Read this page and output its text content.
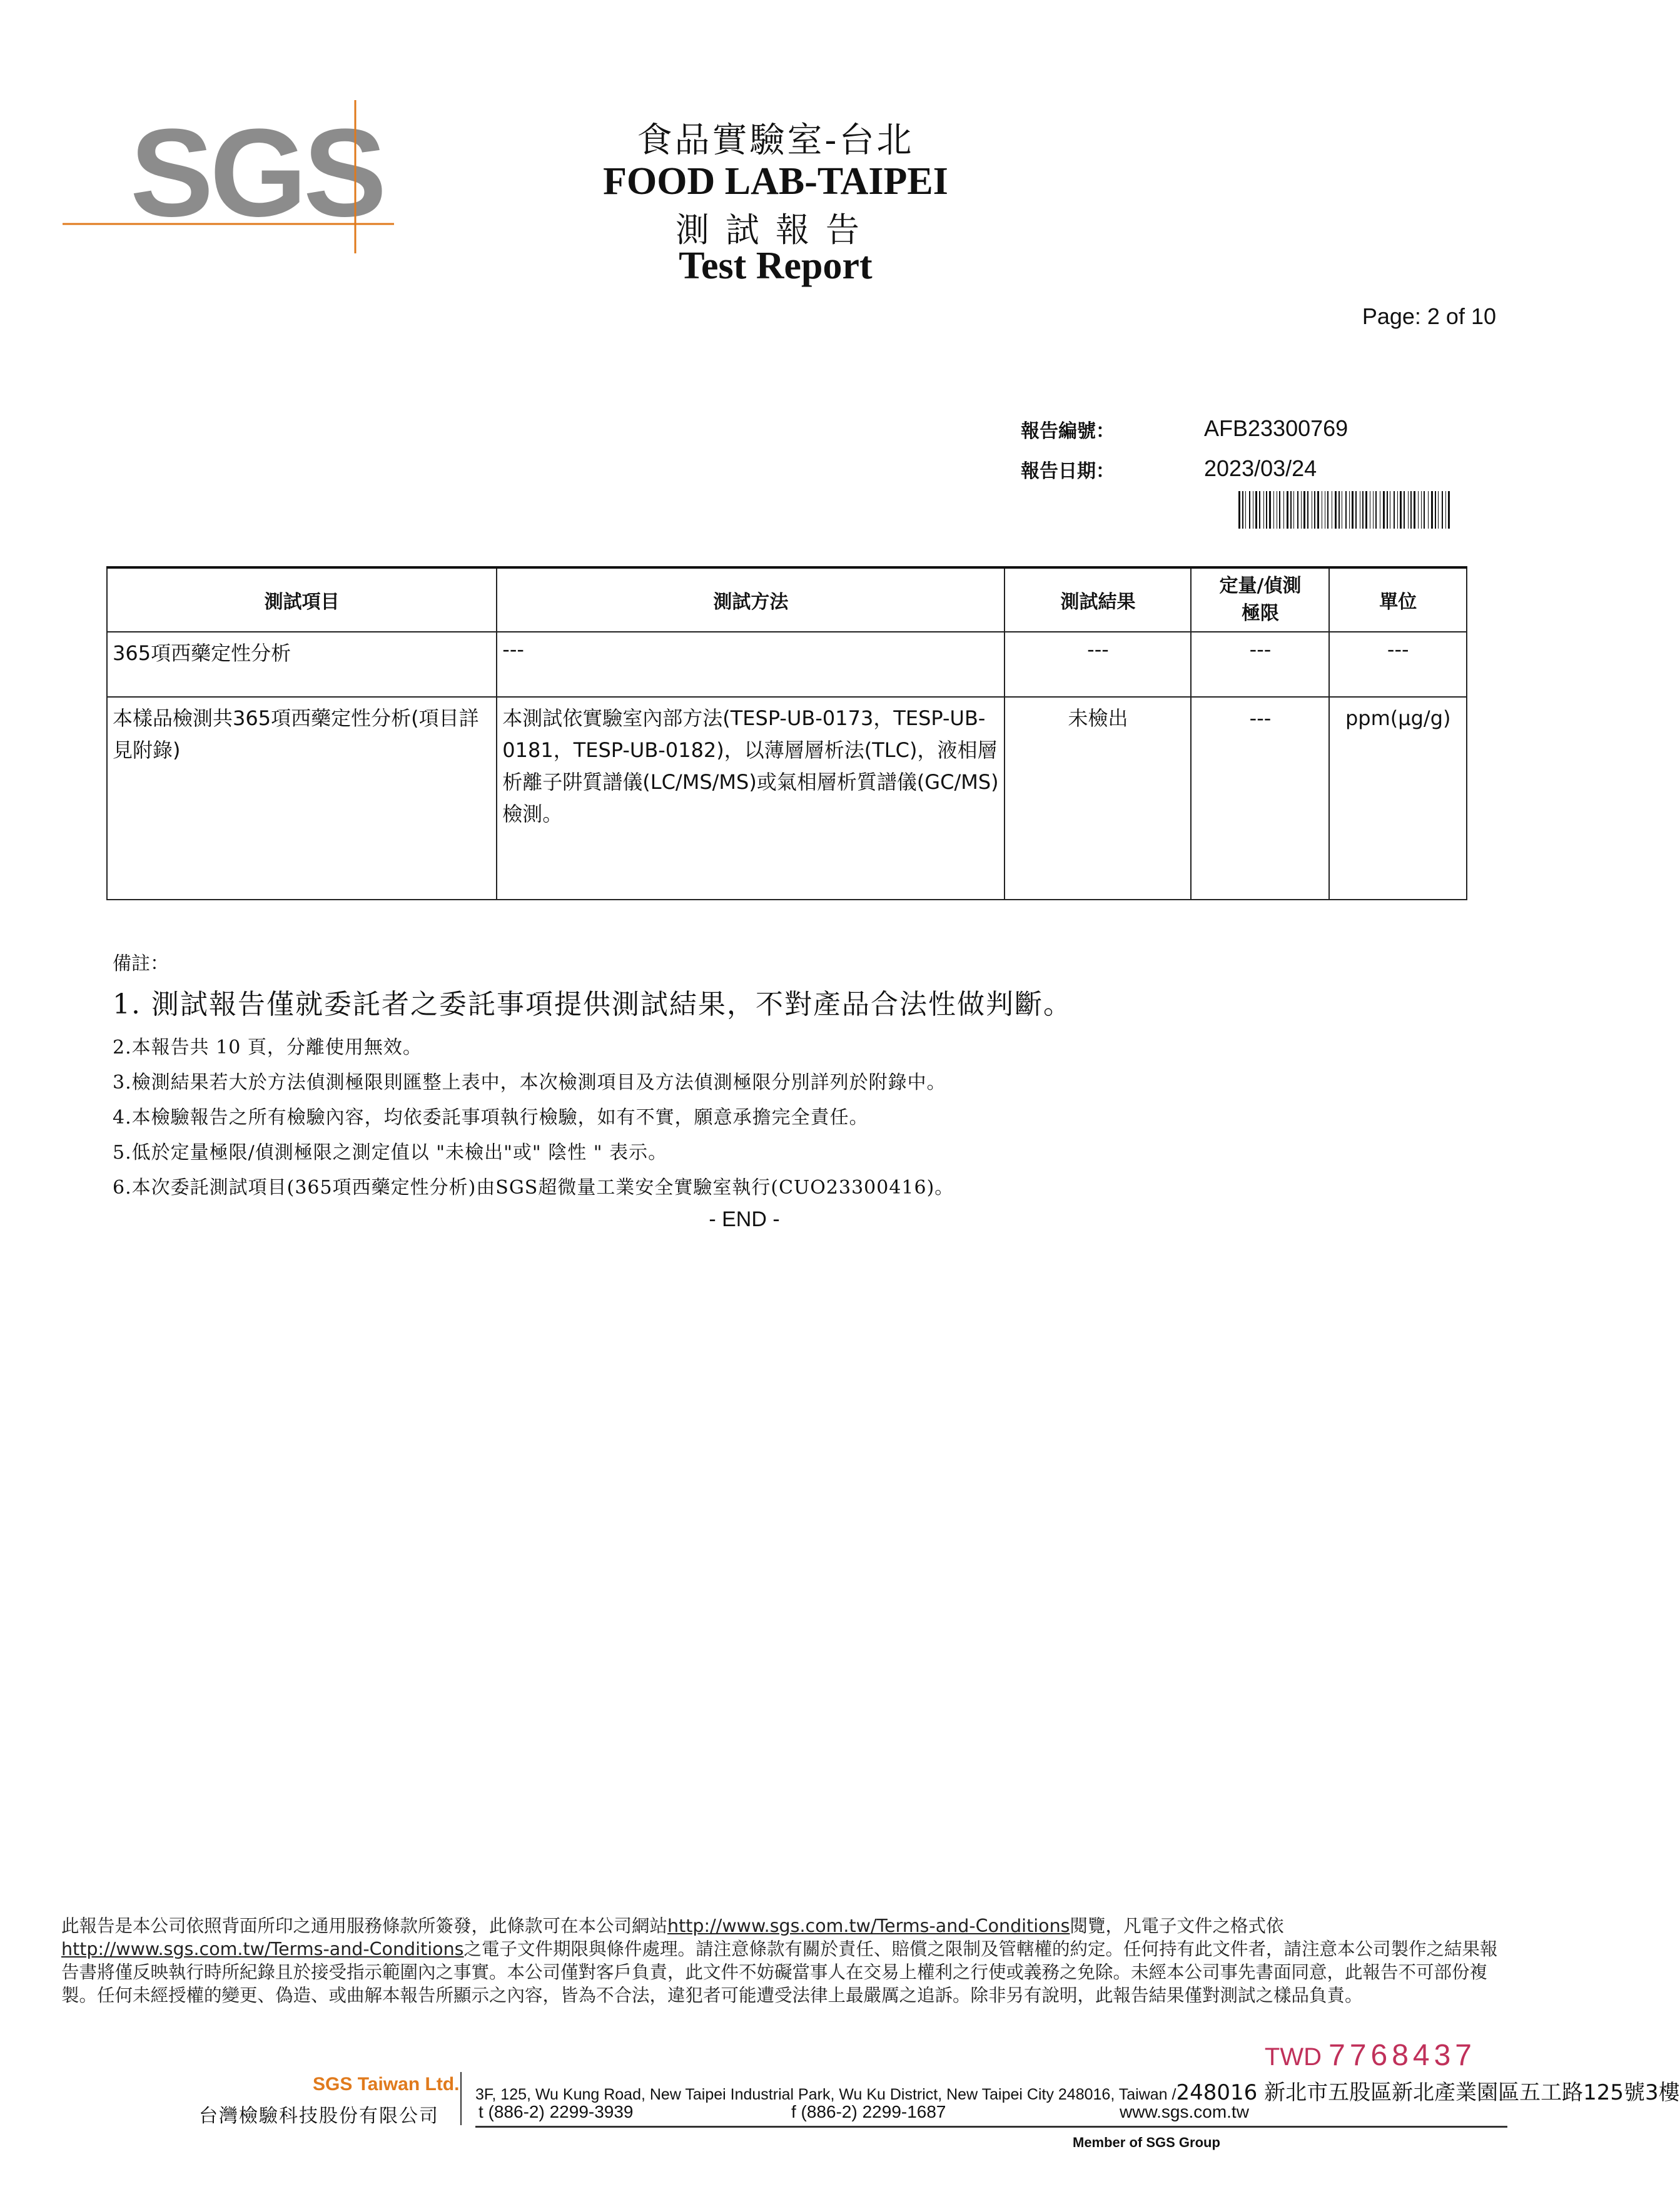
SGS	食品實驗室-台北
FOOD LAB-TAIPEI
測試報告
Test Report
Page: 2 of 10
報告編號：	AFB23300769
報告日期：	2023/03/24
測試項目	測試方法	測試結果	定量/偵測極限	單位
365項西藥定性分析	---	---	---	---
本樣品檢測共365項西藥定性分析(項目詳見附錄)	本測試依實驗室內部方法(TESP-UB-0173，TESP-UB-0181，TESP-UB-0182)，以薄層層析法(TLC)，液相層析離子阱質譜儀(LC/MS/MS)或氣相層析質譜儀(GC/MS)檢測。	未檢出	---	ppm(μg/g)
備註：
1. 測試報告僅就委託者之委託事項提供測試結果，不對產品合法性做判斷。
2.本報告共 10 頁，分離使用無效。
3.檢測結果若大於方法偵測極限則匯整上表中，本次檢測項目及方法偵測極限分別詳列於附錄中。
4.本檢驗報告之所有檢驗內容，均依委託事項執行檢驗，如有不實，願意承擔完全責任。
5.低於定量極限/偵測極限之測定值以 "未檢出"或" 陰性 " 表示。
6.本次委託測試項目(365項西藥定性分析)由SGS超微量工業安全實驗室執行(CUO23300416)。
- END -
此報告是本公司依照背面所印之通用服務條款所簽發，此條款可在本公司網站http://www.sgs.com.tw/Terms-and-Conditions閱覽，凡電子文件之格式依http://www.sgs.com.tw/Terms-and-Conditions之電子文件期限與條件處理。請注意條款有關於責任、賠償之限制及管轄權的約定。任何持有此文件者，請注意本公司製作之結果報告書將僅反映執行時所紀錄且於接受指示範圍內之事實。本公司僅對客戶負責，此文件不妨礙當事人在交易上權利之行使或義務之免除。未經本公司事先書面同意，此報告不可部份複製。任何未經授權的變更、偽造、或曲解本報告所顯示之內容，皆為不合法，違犯者可能遭受法律上最嚴厲之追訴。除非另有說明，此報告結果僅對測試之樣品負責。
TWD 7768437
SGS Taiwan Ltd.
台灣檢驗科技股份有限公司
3F, 125, Wu Kung Road, New Taipei Industrial Park, Wu Ku District, New Taipei City 248016, Taiwan /248016 新北市五股區新北產業園區五工路125號3樓
t (886-2) 2299-3939	f (886-2) 2299-1687	www.sgs.com.tw
Member of SGS Group
